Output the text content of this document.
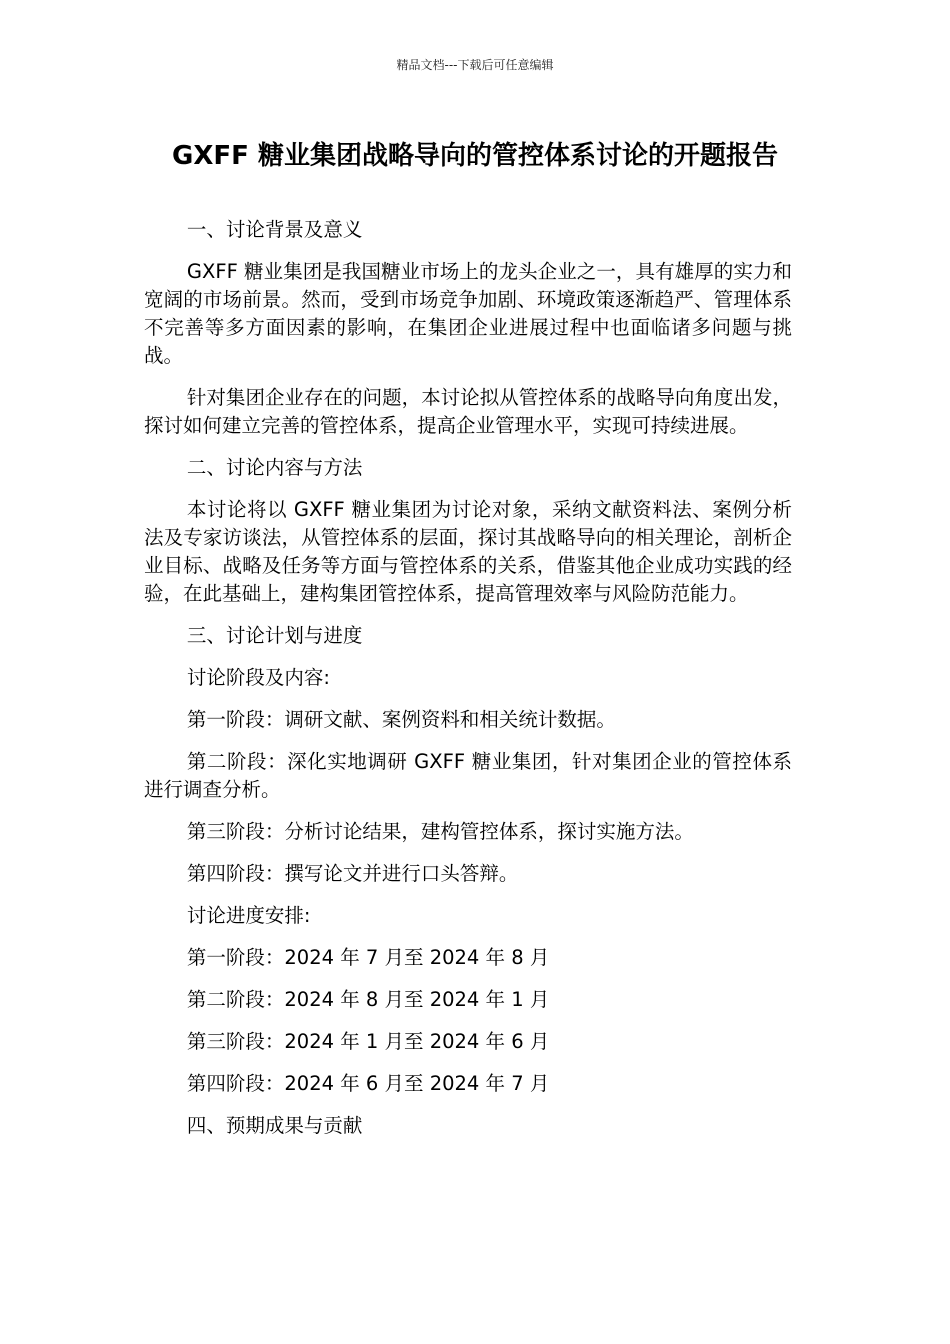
精品文档---下载后可任意编辑
GXFF 糖业集团战略导向的管控体系讨论的开题报告

一、讨论背景及意义

GXFF 糖业集团是我国糖业市场上的龙头企业之一，具有雄厚的实力和宽阔的市场前景。然而，受到市场竞争加剧、环境政策逐渐趋严、管理体系不完善等多方面因素的影响，在集团企业进展过程中也面临诸多问题与挑战。

针对集团企业存在的问题，本讨论拟从管控体系的战略导向角度出发，探讨如何建立完善的管控体系，提高企业管理水平，实现可持续进展。

二、讨论内容与方法

本讨论将以 GXFF 糖业集团为讨论对象，采纳文献资料法、案例分析法及专家访谈法，从管控体系的层面，探讨其战略导向的相关理论，剖析企业目标、战略及任务等方面与管控体系的关系，借鉴其他企业成功实践的经验，在此基础上，建构集团管控体系，提高管理效率与风险防范能力。

三、讨论计划与进度

讨论阶段及内容:

第一阶段：调研文献、案例资料和相关统计数据。

第二阶段：深化实地调研 GXFF 糖业集团，针对集团企业的管控体系进行调查分析。

第三阶段：分析讨论结果，建构管控体系，探讨实施方法。

第四阶段：撰写论文并进行口头答辩。

讨论进度安排:

第一阶段：2024 年 7 月至 2024 年 8 月

第二阶段：2024 年 8 月至 2024 年 1 月

第三阶段：2024 年 1 月至 2024 年 6 月

第四阶段：2024 年 6 月至 2024 年 7 月

四、预期成果与贡献
